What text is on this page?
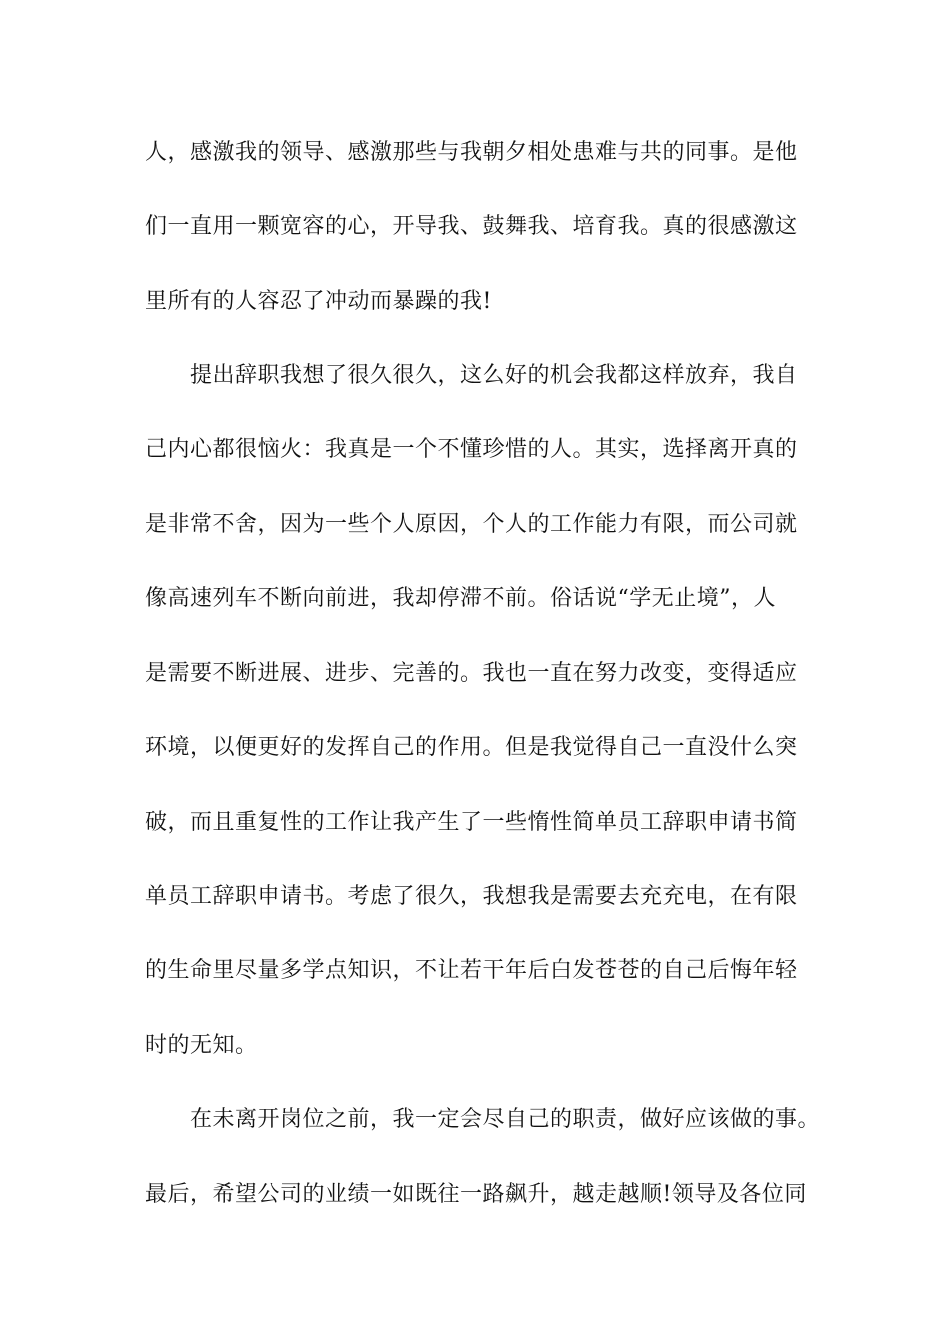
人，感激我的领导、感激那些与我朝夕相处患难与共的同事。是他
们一直用一颗宽容的心，开导我、鼓舞我、培育我。真的很感激这
里所有的人容忍了冲动而暴躁的我!
提出辞职我想了很久很久，这么好的机会我都这样放弃，我自
己内心都很恼火：我真是一个不懂珍惜的人。其实，选择离开真的
是非常不舍，因为一些个人原因，个人的工作能力有限，而公司就
像高速列车不断向前进，我却停滞不前。俗话说“学无止境”，人
是需要不断进展、进步、完善的。我也一直在努力改变，变得适应
环境，以便更好的发挥自己的作用。但是我觉得自己一直没什么突
破，而且重复性的工作让我产生了一些惰性简单员工辞职申请书简
单员工辞职申请书。考虑了很久，我想我是需要去充充电，在有限
的生命里尽量多学点知识，不让若干年后白发苍苍的自己后悔年轻
时的无知。
在未离开岗位之前，我一定会尽自己的职责，做好应该做的事。
最后，希望公司的业绩一如既往一路飙升，越走越顺!领导及各位同
